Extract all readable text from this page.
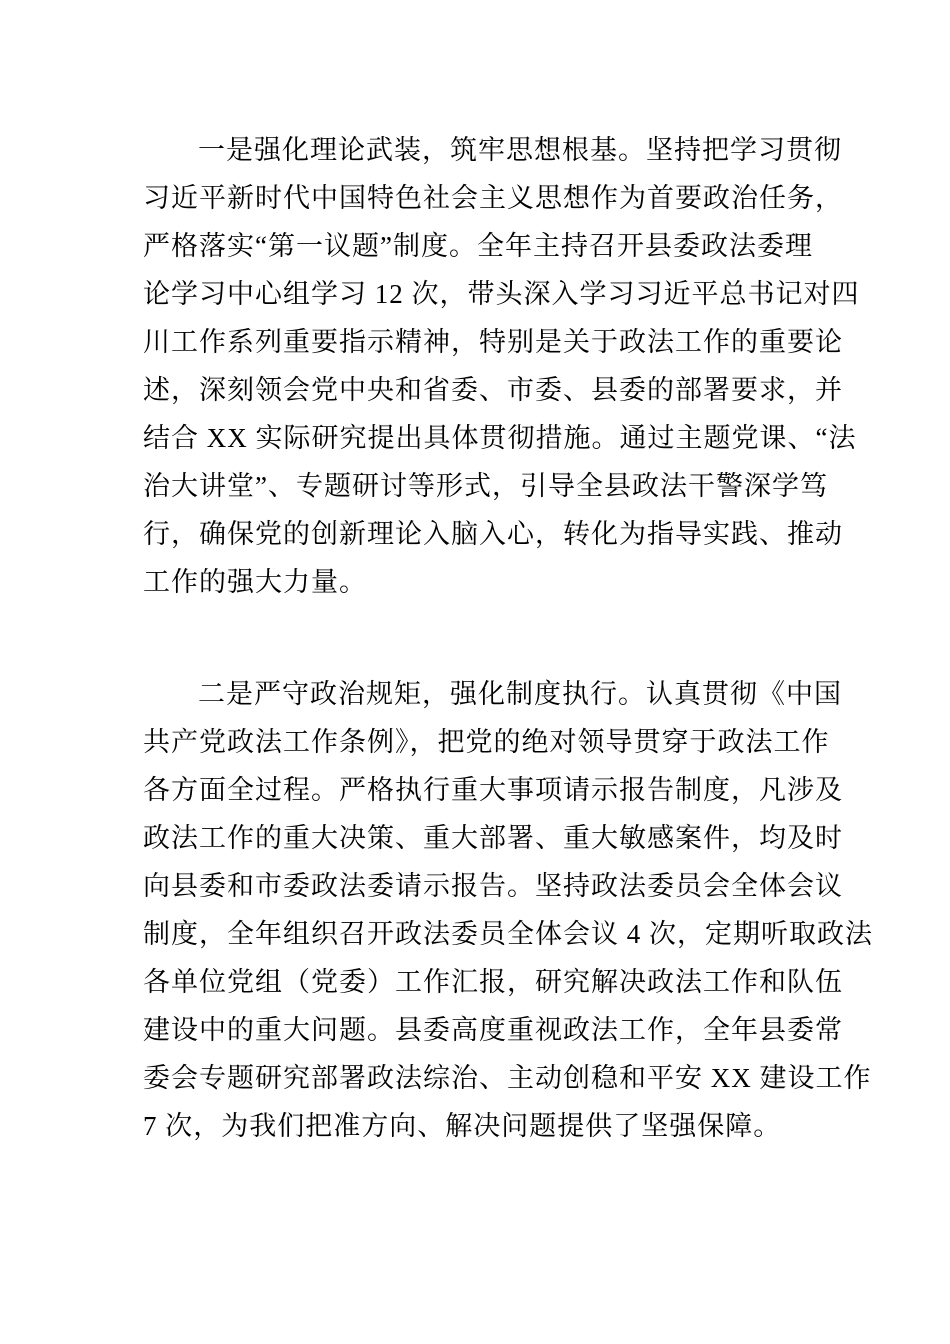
一是强化理论武装，筑牢思想根基。坚持把学习贯彻
习近平新时代中国特色社会主义思想作为首要政治任务，
严格落实“第一议题”制度。全年主持召开县委政法委理
论学习中心组学习 12 次，带头深入学习习近平总书记对四
川工作系列重要指示精神，特别是关于政法工作的重要论
述，深刻领会党中央和省委、市委、县委的部署要求，并
结合 XX 实际研究提出具体贯彻措施。通过主题党课、“法
治大讲堂”、专题研讨等形式，引导全县政法干警深学笃
行，确保党的创新理论入脑入心，转化为指导实践、推动
工作的强大力量。
二是严守政治规矩，强化制度执行。认真贯彻《中国
共产党政法工作条例》，把党的绝对领导贯穿于政法工作
各方面全过程。严格执行重大事项请示报告制度，凡涉及
政法工作的重大决策、重大部署、重大敏感案件，均及时
向县委和市委政法委请示报告。坚持政法委员会全体会议
制度，全年组织召开政法委员全体会议 4 次，定期听取政法
各单位党组（党委）工作汇报，研究解决政法工作和队伍
建设中的重大问题。县委高度重视政法工作，全年县委常
委会专题研究部署政法综治、主动创稳和平安 XX 建设工作
7 次，为我们把准方向、解决问题提供了坚强保障。
